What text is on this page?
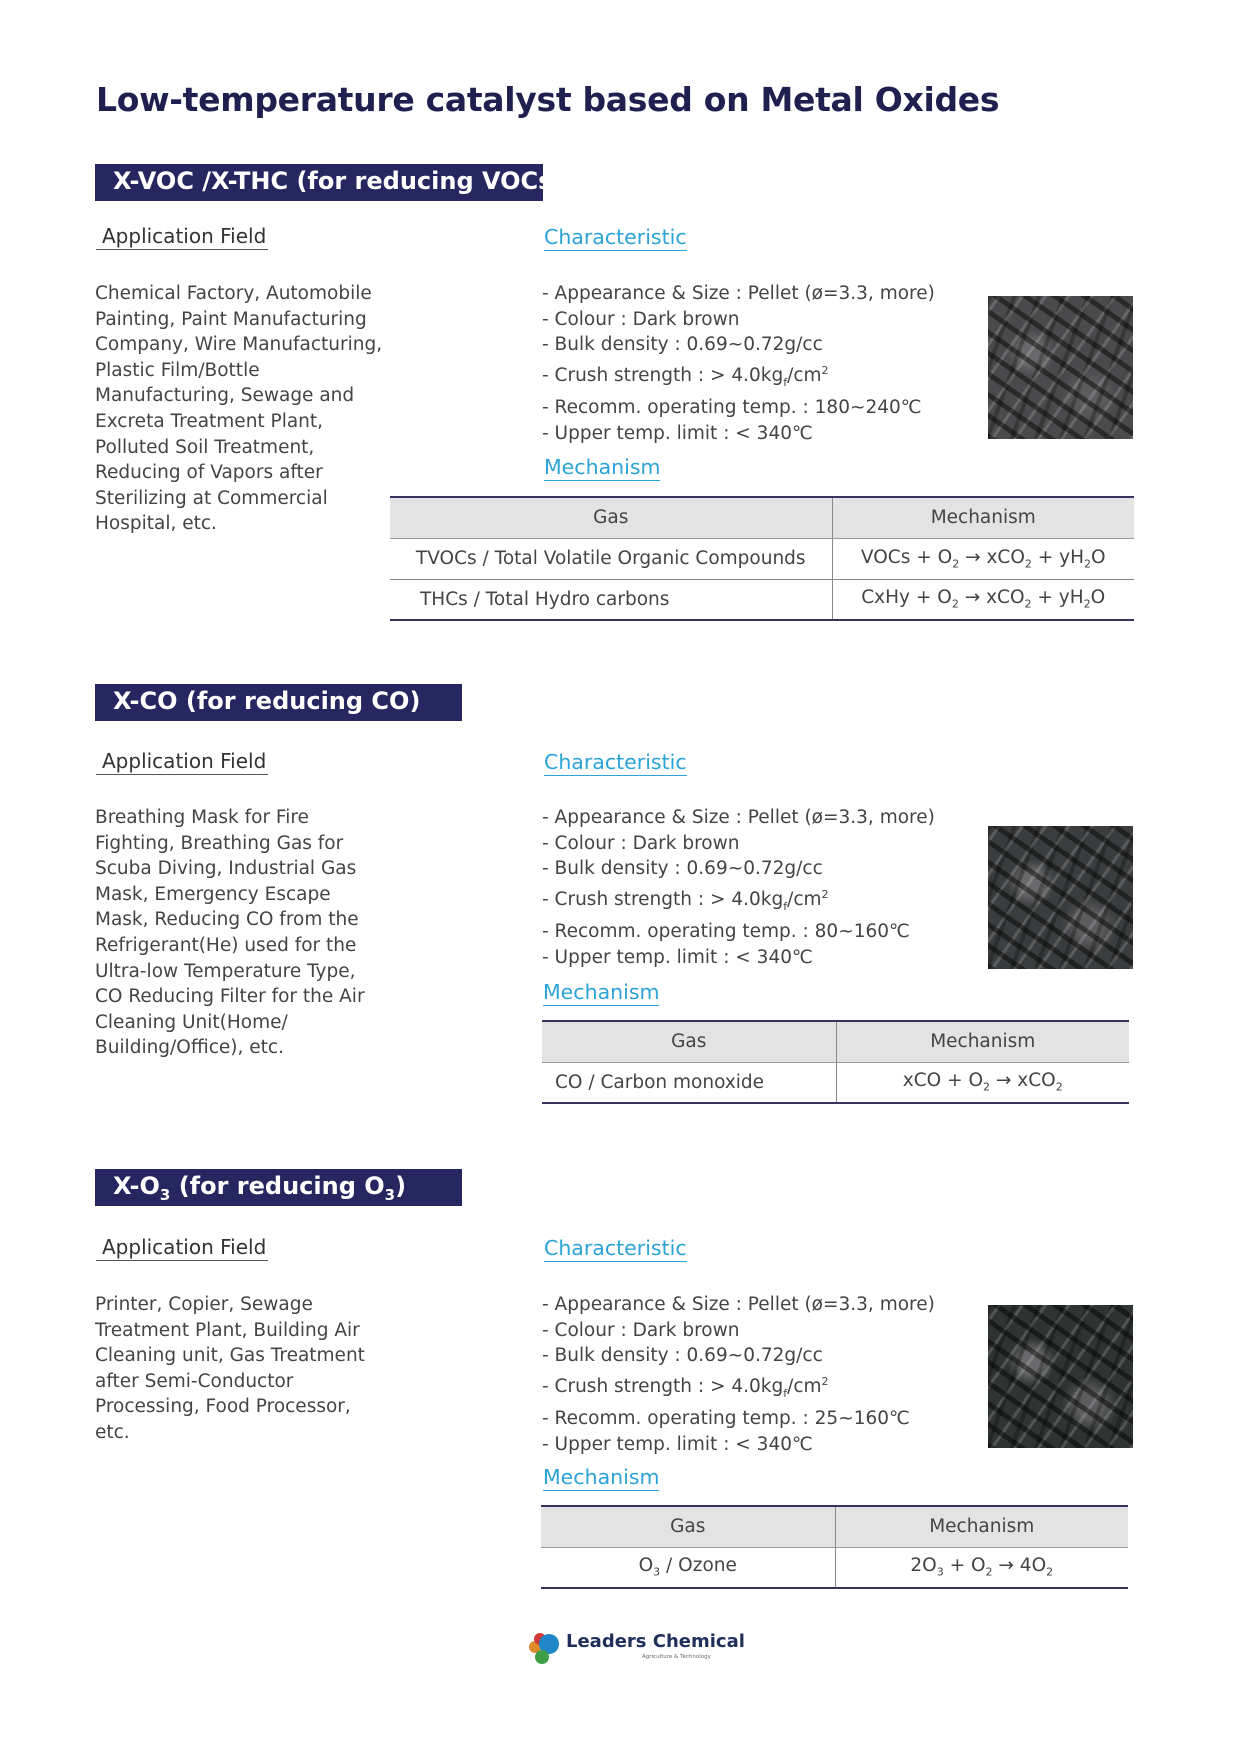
Low-temperature catalyst based on Metal Oxides
X-VOC /X-THC (for reducing VOCs)
Application Field

Chemical Factory, Automobile Painting, Paint Manufacturing Company, Wire Manufacturing, Plastic Film/Bottle Manufacturing, Sewage and Excreta Treatment Plant, Polluted Soil Treatment, Reducing of Vapors after Sterilizing at Commercial Hospital, etc.

Characteristic
- Appearance & Size : Pellet (ø=3.3, more)
- Colour : Dark brown
- Bulk density : 0.69~0.72g/cc
- Crush strength : > $4.0kg_f/cm^2$
- Recomm. operating temp. : 180~240℃
- Upper temp. limit : < 340℃
Mechanism
Gas	Mechanism
TVOCs / Total Volatile Organic Compounds	VOCs + $O_2 \to xCO_2 + yH_2O$
THCs / Total Hydro carbons	CxHy + $O_2 \to xCO_2 + yH_2O$
X-CO (for reducing CO)
Application Field

Breathing Mask for Fire Fighting, Breathing Gas for Scuba Diving, Industrial Gas Mask, Emergency Escape Mask, Reducing CO from the Refrigerant(He) used for the Ultra-low Temperature Type, CO Reducing Filter for the Air Cleaning Unit(Home/ Building/Office), etc.

Characteristic
- Appearance & Size : Pellet (ø=3.3, more)
- Colour : Dark brown
- Bulk density : 0.69~0.72g/cc
- Crush strength : > $4.0kg_f/cm^2$
- Recomm. operating temp. : 80~160℃
- Upper temp. limit : < 340℃
Mechanism
Gas	Mechanism
CO / Carbon monoxide	xCO + $O_2 \to xCO_2$
$X-O_3$ (for reducing $O_3$)
Application Field

Printer, Copier, Sewage Treatment Plant, Building Air Cleaning unit, Gas Treatment after Semi-Conductor Processing, Food Processor, etc.

Characteristic
- Appearance & Size : Pellet (ø=3.3, more)
- Colour : Dark brown
- Bulk density : 0.69~0.72g/cc
- Crush strength : > $4.0kg_f/cm^2$
- Recomm. operating temp. : 25~160℃
- Upper temp. limit : < 340℃
Mechanism
Gas	Mechanism
$O_3$ / Ozone	$2O_3 + O_2 \to 4O_2$
Leaders Chemical
Agriculture & Technology
